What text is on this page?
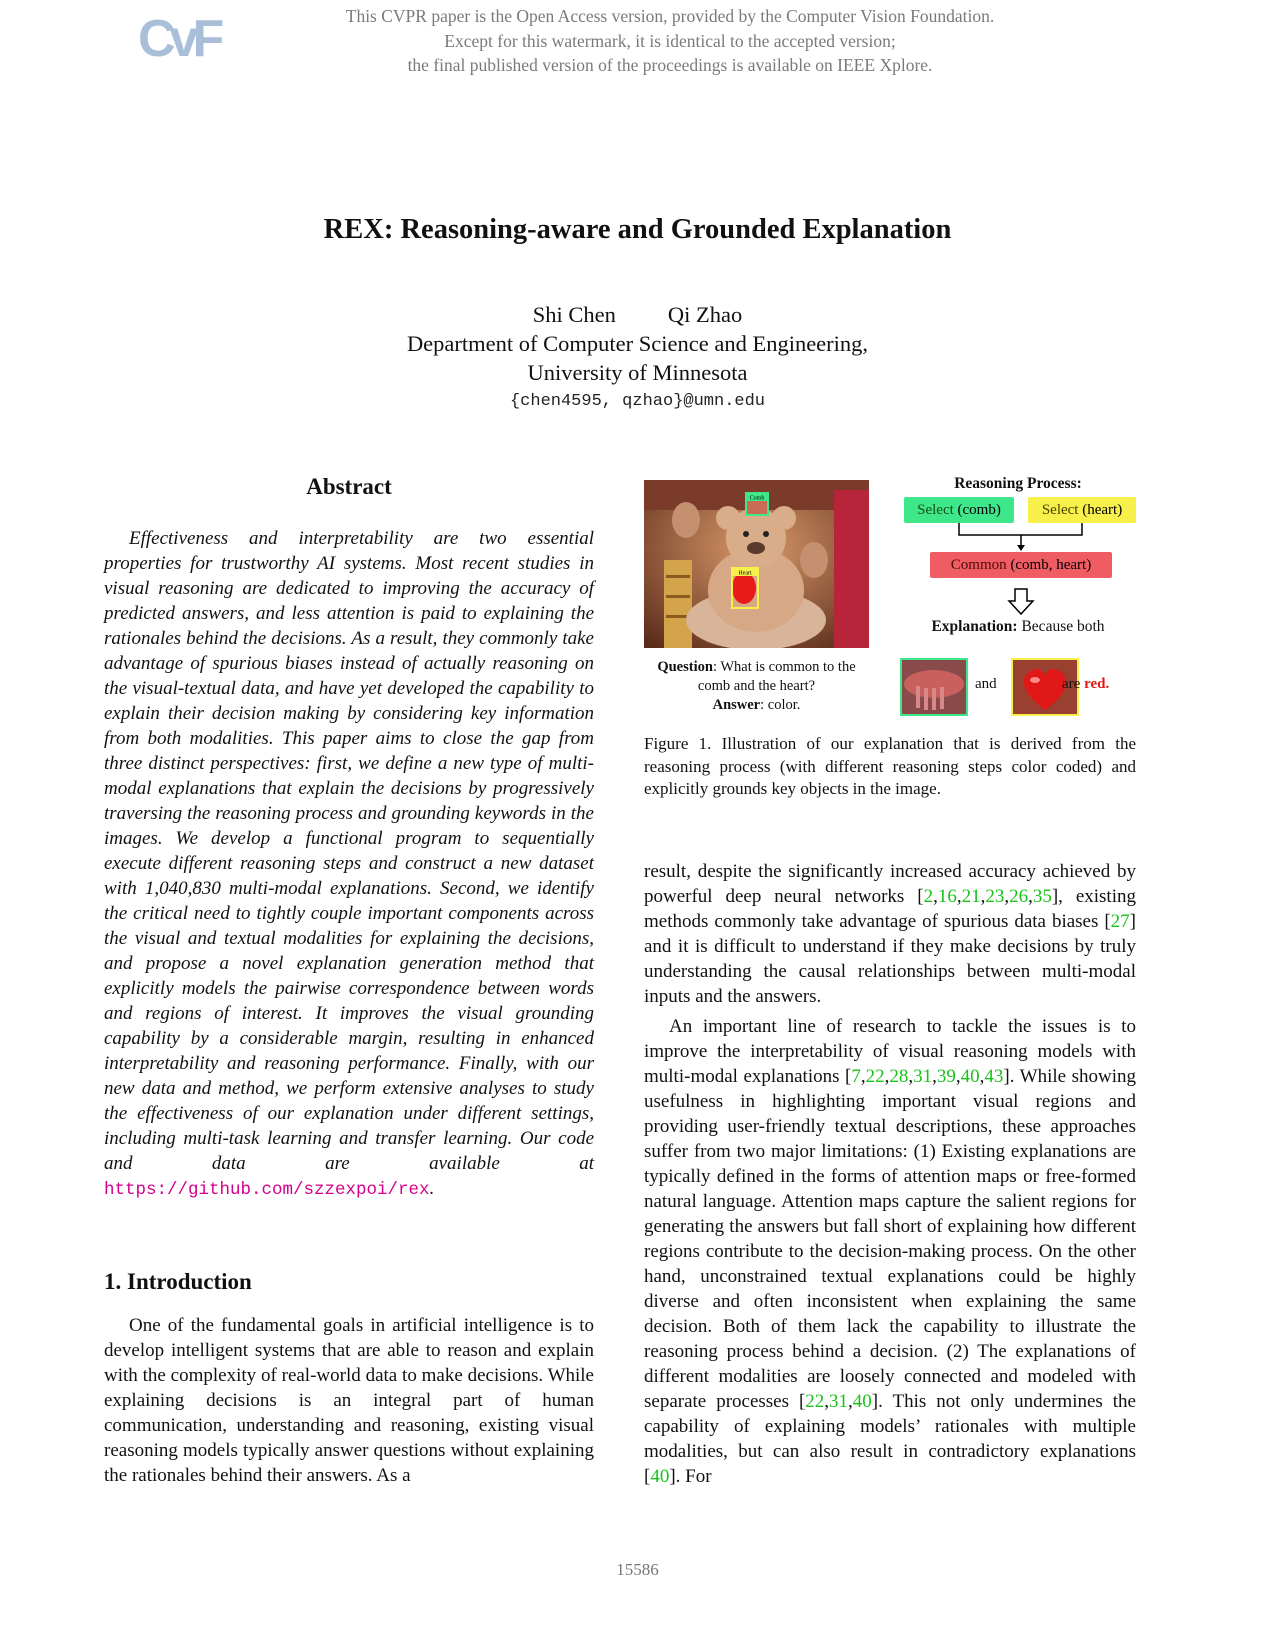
CvF	This CVPR paper is the Open Access version, provided by the Computer Vision Foundation.
Except for this watermark, it is identical to the accepted version;
the final published version of the proceedings is available on IEEE Xplore.
REX: Reasoning-aware and Grounded Explanation
Shi Chen Qi Zhao
Department of Computer Science and Engineering,
University of Minnesota
{chen4595, qzhao}@umn.edu
Abstract
Effectiveness and interpretability are two essential properties for trustworthy AI systems. Most recent studies in visual reasoning are dedicated to improving the accuracy of predicted answers, and less attention is paid to explaining the rationales behind the decisions. As a result, they commonly take advantage of spurious biases instead of actually reasoning on the visual-textual data, and have yet developed the capability to explain their decision making by considering key information from both modalities. This paper aims to close the gap from three distinct perspectives: first, we define a new type of multi-modal explanations that explain the decisions by progressively traversing the reasoning process and grounding keywords in the images. We develop a functional program to sequentially execute different reasoning steps and construct a new dataset with 1,040,830 multi-modal explanations. Second, we identify the critical need to tightly couple important components across the visual and textual modalities for explaining the decisions, and propose a novel explanation generation method that explicitly models the pairwise correspondence between words and regions of interest. It improves the visual grounding capability by a considerable margin, resulting in enhanced interpretability and reasoning performance. Finally, with our new data and method, we perform extensive analyses to study the effectiveness of our explanation under different settings, including multi-task learning and transfer learning. Our code and data are available at https://github.com/szzexpoi/rex.
1. Introduction
One of the fundamental goals in artificial intelligence is to develop intelligent systems that are able to reason and explain with the complexity of real-world data to make decisions. While explaining decisions is an integral part of human communication, understanding and reasoning, existing visual reasoning models typically answer questions without explaining the rationales behind their answers. As a
Comb
Heart
Question: What is common to the comb and the heart?
Answer: color.
Reasoning Process:
Select (comb)	Select (heart)
Common (comb, heart)
Explanation: Because both
and	are red.
Figure 1. Illustration of our explanation that is derived from the reasoning process (with different reasoning steps color coded) and explicitly grounds key objects in the image.
result, despite the significantly increased accuracy achieved by powerful deep neural networks [2,16,21,23,26,35], existing methods commonly take advantage of spurious data biases [27] and it is difficult to understand if they make decisions by truly understanding the causal relationships between multi-modal inputs and the answers.
An important line of research to tackle the issues is to improve the interpretability of visual reasoning models with multi-modal explanations [7,22,28,31,39,40,43]. While showing usefulness in highlighting important visual regions and providing user-friendly textual descriptions, these approaches suffer from two major limitations: (1) Existing explanations are typically defined in the forms of attention maps or free-formed natural language. Attention maps capture the salient regions for generating the answers but fall short of explaining how different regions contribute to the decision-making process. On the other hand, unconstrained textual explanations could be highly diverse and often inconsistent when explaining the same decision. Both of them lack the capability to illustrate the reasoning process behind a decision. (2) The explanations of different modalities are loosely connected and modeled with separate processes [22,31,40]. This not only undermines the capability of explaining models’ rationales with multiple modalities, but can also result in contradictory explanations [40]. For
15586
